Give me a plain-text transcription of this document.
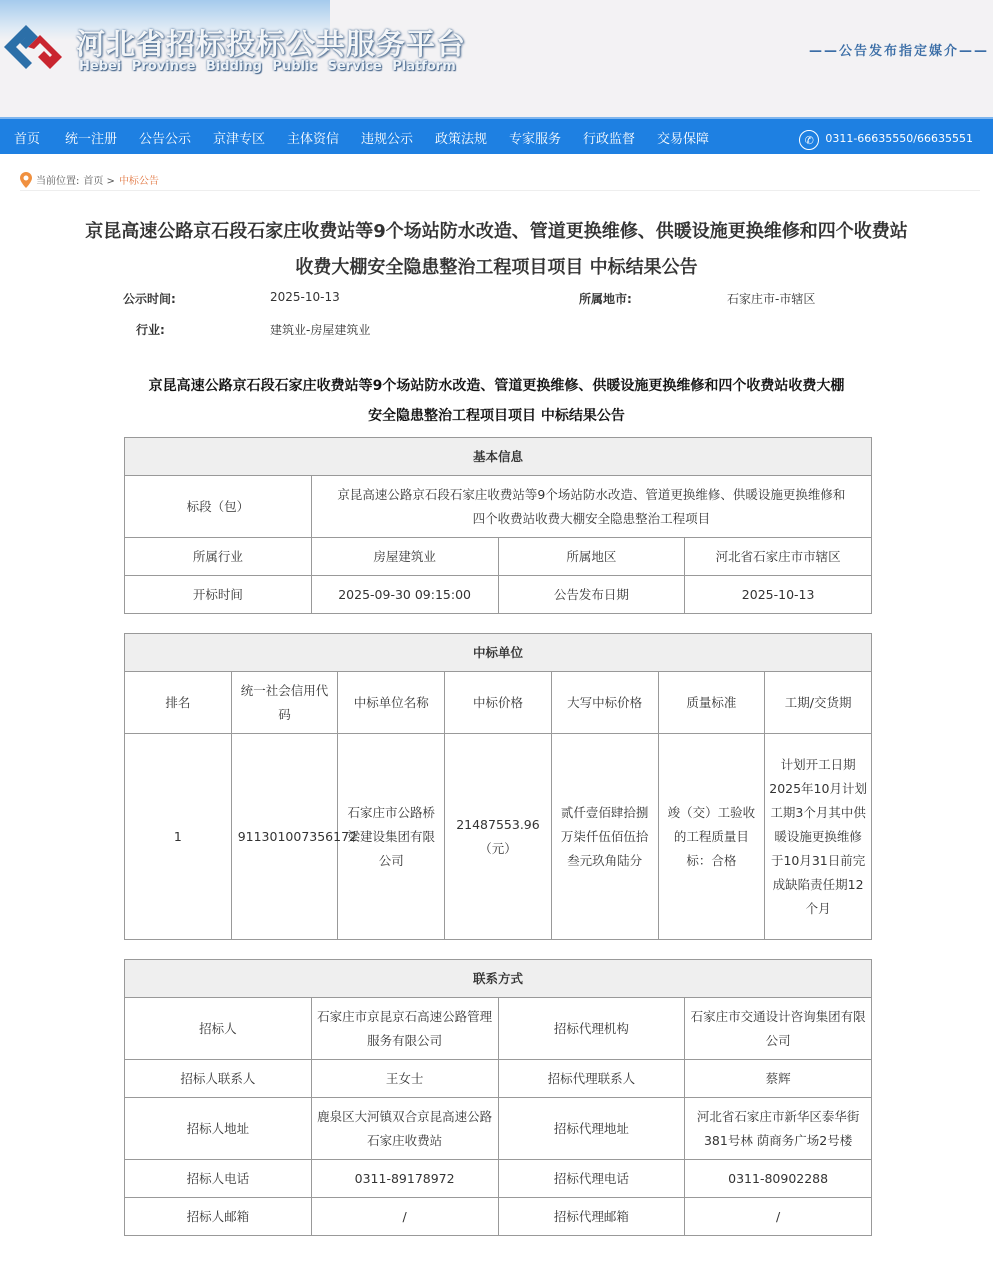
河北省招标投标公共服务平台
Hebei Province Bidding Public Service Platform
——公告发布指定媒介——
首页 统一注册 公告公示 京津专区 主体资信 违规公示 政策法规 专家服务 行政监督 交易保障	✆	0311-66635550/66635551
当前位置: 首页 > 中标公告
京昆高速公路京石段石家庄收费站等9个场站防水改造、管道更换维修、供暖设施更换维修和四个收费站
收费大棚安全隐患整治工程项目项目 中标结果公告
公示时间:	2025-10-13	所属地市:	石家庄市-市辖区
行业:	建筑业-房屋建筑业
京昆高速公路京石段石家庄收费站等9个场站防水改造、管道更换维修、供暖设施更换维修和四个收费站收费大棚
安全隐患整治工程项目项目 中标结果公告
基本信息			
标段（包）	京昆高速公路京石段石家庄收费站等9个场站防水改造、管道更换维修、供暖设施更换维修和
四个收费站收费大棚安全隐患整治工程项目		

所属行业	房屋建筑业	所属地区	河北省石家庄市市辖区
开标时间	2025-09-30 09:15:00	公告发布日期	2025-10-13
中标单位						
排名	统一社会信用代码	中标单位名称	中标价格	大写中标价格	质量标准	工期/交货期
1	911301007356172	石家庄市公路桥梁建设集团有限公司	21487553.96（元）	贰仟壹佰肆拾捌万柒仟伍佰伍拾叁元玖角陆分	竣（交）工验收的工程质量目标：合格	计划开工日期2025年10月计划工期3个月其中供暖设施更换维修于10月31日前完成缺陷责任期12个月
联系方式			
招标人	石家庄市京昆京石高速公路管理服务有限公司	招标代理机构	石家庄市交通设计咨询集团有限公司
招标人联系人	王女士	招标代理联系人	蔡辉
招标人地址	鹿泉区大河镇双合京昆高速公路石家庄收费站	招标代理地址	河北省石家庄市新华区泰华街381号林 荫商务广场2号楼
招标人电话	0311-89178972	招标代理电话	0311-80902288
招标人邮箱	/	招标代理邮箱	/
